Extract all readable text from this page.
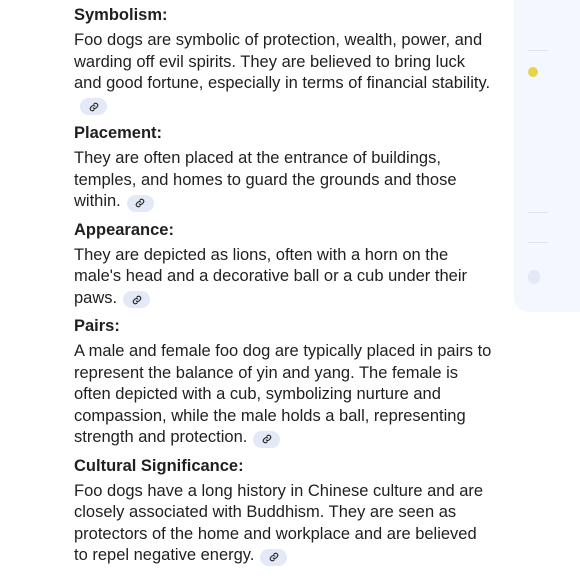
Symbolism:

Foo dogs are symbolic of protection, wealth, power, and warding off evil spirits. They are believed to bring luck and good fortune, especially in terms of financial stability.

Placement:

They are often placed at the entrance of buildings, temples, and homes to guard the grounds and those within.

Appearance:

They are depicted as lions, often with a horn on the male's head and a decorative ball or a cub under their paws.

Pairs:

A male and female foo dog are typically placed in pairs to represent the balance of yin and yang. The female is often depicted with a cub, symbolizing nurture and compassion, while the male holds a ball, representing strength and protection.

Cultural Significance:

Foo dogs have a long history in Chinese culture and are closely associated with Buddhism. They are seen as protectors of the home and workplace and are believed to repel negative energy.
